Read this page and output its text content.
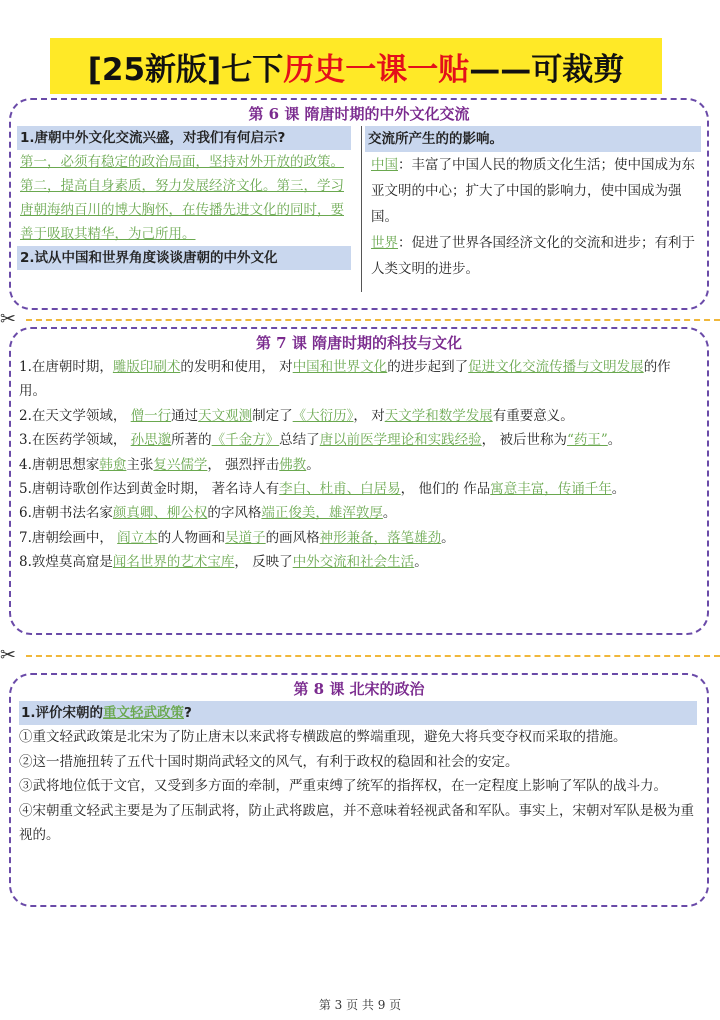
[25新版]七下 历史一课一贴 ——可裁剪
第 6 课 隋唐时期的中外文化交流
1.唐朝中外文化交流兴盛，对我们有何启示?
第一，必须有稳定的政治局面，坚持对外开放的政策。第二，提高自身素质，努力发展经济文化。第三，学习唐朝海纳百川的博大胸怀，在传播先进文化的同时，要善于吸取其精华，为己所用。
2.试从中国和世界角度谈谈唐朝的中外文化
交流所产生的的影响。
中国：丰富了中国人民的物质文化生活；使中国成为东亚文明的中心；扩大了中国的影响力，使中国成为强国。
世界：促进了世界各国经济文化的交流和进步；有利于人类文明的进步。
✂
第 7 课 隋唐时期的科技与文化

1.在唐朝时期，雕版印刷术的发明和使用， 对中国和世界文化的进步起到了促进文化交流传播与文明发展的作用。

2.在天文学领域， 僧一行通过天文观测制定了《大衍历》， 对天文学和数学发展有重要意义。

3.在医药学领域， 孙思邈所著的《千金方》总结了唐以前医学理论和实践经验， 被后世称为“药王”。

4.唐朝思想家韩愈主张复兴儒学， 强烈抨击佛教。

5.唐朝诗歌创作达到黄金时期， 著名诗人有李白、杜甫、白居易， 他们的 作品寓意丰富，传诵千年。

6.唐朝书法名家颜真卿、柳公权的字风格端正俊美，雄浑敦厚。

7.唐朝绘画中， 阎立本的人物画和吴道子的画风格神形兼备，落笔雄劲。

8.敦煌莫高窟是闻名世界的艺术宝库， 反映了中外交流和社会生活。

✂
第 8 课 北宋的政治
1.评价宋朝的重文轻武政策?

①重文轻武政策是北宋为了防止唐末以来武将专横跋扈的弊端重现，避免大将兵变夺权而采取的措施。

②这一措施扭转了五代十国时期尚武轻文的风气，有利于政权的稳固和社会的安定。

③武将地位低于文官，又受到多方面的牵制，严重束缚了统军的指挥权，在一定程度上影响了军队的战斗力。

④宋朝重文轻武主要是为了压制武将，防止武将跋扈，并不意味着轻视武备和军队。事实上，宋朝对军队是极为重视的。

第 3 页 共 9 页
